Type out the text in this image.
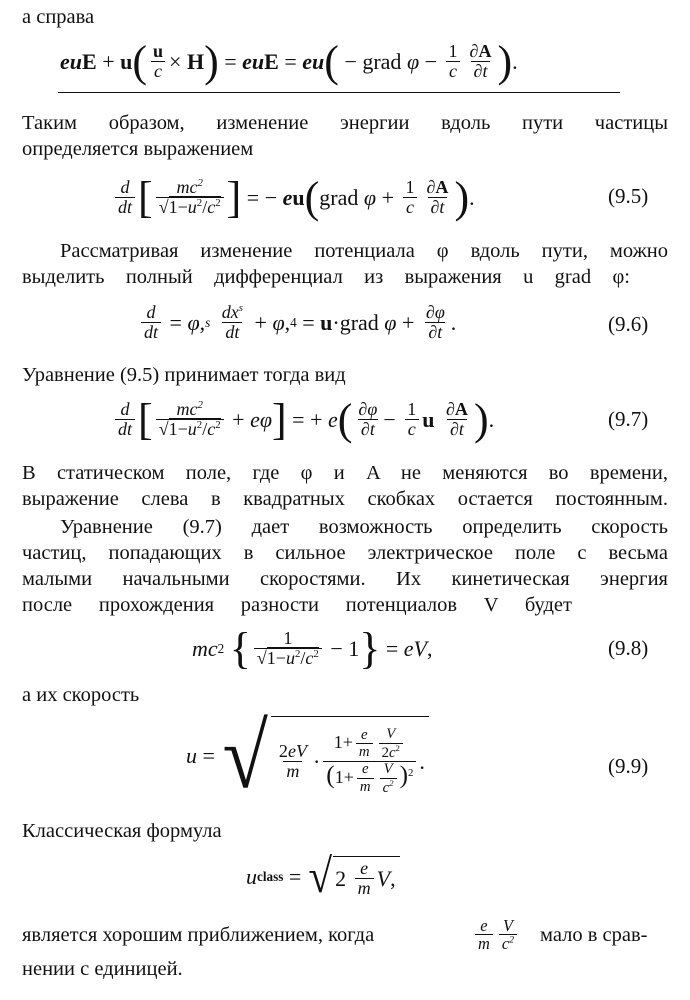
а справа

eu E + u ( $\frac{u}{c} \times H$ ) = eu E = eu ( − grad $\varphi - \frac{1}{c} \frac{\partial A}{\partial t}$ ) .

Таким образом, изменение энергии вдоль пути частицы

определяется выражением

$\frac{d}{dt}$ [ $\frac{mc^2}{√1-u^2/c^2}$ ] = − e u ( grad $\varphi + \frac{1}{c} \frac{\partial A}{\partial t}$ ) .	(9.5)

Рассматривая изменение потенциала φ вдоль пути, можно

выделить полный дифференциал из выражения u grad φ:

$\frac{d}{dt} = \varphi$ , s
$\frac{dx^s}{dt} + \varphi$ , 4 = u ·grad $\varphi + \frac{\partial\varphi}{\partial t}$ .	(9.6)

Уравнение (9.5) принимает тогда вид

$\frac{d}{dt}$ [ $\frac{mc^2}{√1-u^2/c^2} + e\varphi$ ] = + e ( $\frac{\partial\varphi}{\partial t} - \frac{1}{c}$ u
$\frac{\partial A}{\partial t}$ ) .	(9.7)

В статическом поле, где φ и A не меняются во времени,

выражение слева в квадратных скобках остается постоянным.

Уравнение (9.7) дает возможность определить скорость

частиц, попадающих в сильное электрическое поле с весьма

малыми начальными скоростями. Их кинетическая энергия

после прохождения разности потенциалов V будет

mc 2
{ $\frac{1}{√1-u^2/c^2} - 1$ } = eV ,	(9.8)

а их скорость

u = √ $\frac{2eV}{m} \cdot \frac{1+ \frac{e}{m} \frac{V}{2c^2}}{(1+ \frac{e}{m} \frac{V}{c^2} )^2}$ .	(9.9)

Классическая формула

u class = √ $2 \frac{e}{m}$ V ,

является хорошим приближением, когда	$\frac{e}{m} \frac{V}{c^2}$ мало в срав-

нении с единицей.
